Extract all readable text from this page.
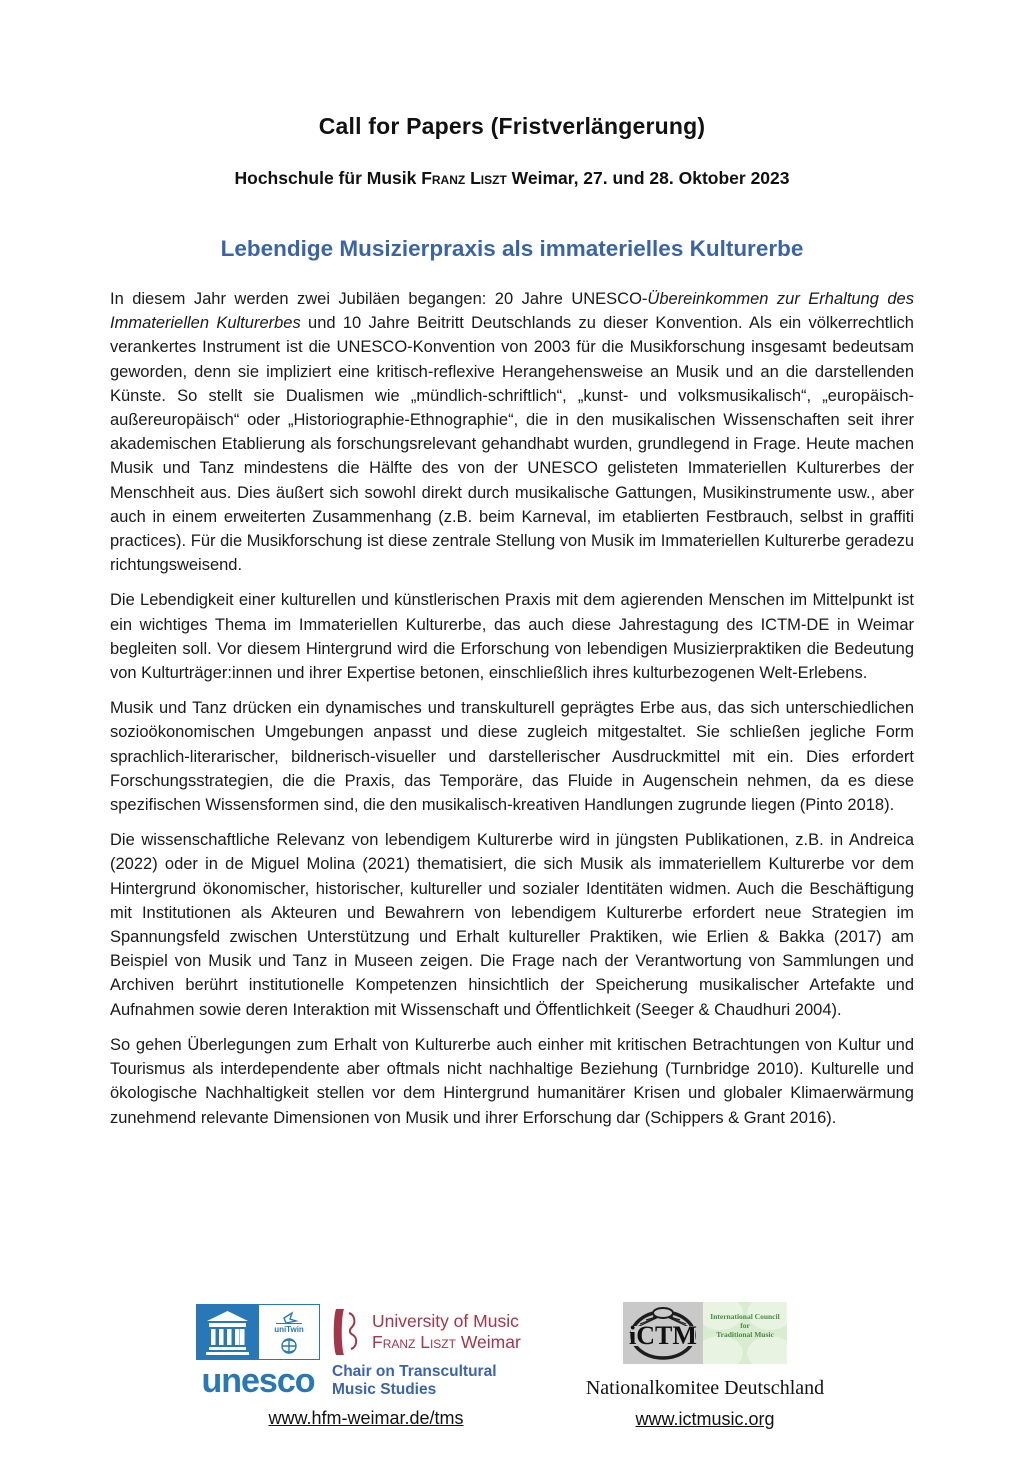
Call for Papers (Fristverlängerung)

Hochschule für Musik Franz Liszt Weimar, 27. und 28. Oktober 2023

Lebendige Musizierpraxis als immaterielles Kulturerbe

In diesem Jahr werden zwei Jubiläen begangen: 20 Jahre UNESCO-Übereinkommen zur Erhaltung des Immateriellen Kulturerbes und 10 Jahre Beitritt Deutschlands zu dieser Konvention. Als ein völkerrechtlich verankertes Instrument ist die UNESCO-Konvention von 2003 für die Musikforschung insgesamt bedeutsam geworden, denn sie impliziert eine kritisch-reflexive Herangehensweise an Musik und an die darstellenden Künste. So stellt sie Dualismen wie „mündlich-schriftlich“, „kunst- und volksmusikalisch“, „europäisch-außereuropäisch“ oder „Historiographie-Ethnographie“, die in den musikalischen Wissenschaften seit ihrer akademischen Etablierung als forschungsrelevant gehandhabt wurden, grundlegend in Frage. Heute machen Musik und Tanz mindestens die Hälfte des von der UNESCO gelisteten Immateriellen Kulturerbes der Menschheit aus. Dies äußert sich sowohl direkt durch musikalische Gattungen, Musikinstrumente usw., aber auch in einem erweiterten Zusammenhang (z.B. beim Karneval, im etablierten Festbrauch, selbst in graffiti practices). Für die Musikforschung ist diese zentrale Stellung von Musik im Immateriellen Kulturerbe geradezu richtungsweisend.

Die Lebendigkeit einer kulturellen und künstlerischen Praxis mit dem agierenden Menschen im Mittelpunkt ist ein wichtiges Thema im Immateriellen Kulturerbe, das auch diese Jahrestagung des ICTM-DE in Weimar begleiten soll. Vor diesem Hintergrund wird die Erforschung von lebendigen Musizierpraktiken die Bedeutung von Kulturträger:innen und ihrer Expertise betonen, einschließlich ihres kulturbezogenen Welt-Erlebens.

Musik und Tanz drücken ein dynamisches und transkulturell geprägtes Erbe aus, das sich unterschiedlichen sozioökonomischen Umgebungen anpasst und diese zugleich mitgestaltet. Sie schließen jegliche Form sprachlich-literarischer, bildnerisch-visueller und darstellerischer Ausdruckmittel mit ein. Dies erfordert Forschungsstrategien, die die Praxis, das Temporäre, das Fluide in Augenschein nehmen, da es diese spezifischen Wissensformen sind, die den musikalisch-kreativen Handlungen zugrunde liegen (Pinto 2018).

Die wissenschaftliche Relevanz von lebendigem Kulturerbe wird in jüngsten Publikationen, z.B. in Andreica (2022) oder in de Miguel Molina (2021) thematisiert, die sich Musik als immateriellem Kulturerbe vor dem Hintergrund ökonomischer, historischer, kultureller und sozialer Identitäten widmen. Auch die Beschäftigung mit Institutionen als Akteuren und Bewahrern von lebendigem Kulturerbe erfordert neue Strategien im Spannungsfeld zwischen Unterstützung und Erhalt kultureller Praktiken, wie Erlien & Bakka (2017) am Beispiel von Musik und Tanz in Museen zeigen. Die Frage nach der Verantwortung von Sammlungen und Archiven berührt institutionelle Kompetenzen hinsichtlich der Speicherung musikalischer Artefakte und Aufnahmen sowie deren Interaktion mit Wissenschaft und Öffentlichkeit (Seeger & Chaudhuri 2004).

So gehen Überlegungen zum Erhalt von Kulturerbe auch einher mit kritischen Betrachtungen von Kultur und Tourismus als interdependente aber oftmals nicht nachhaltige Beziehung (Turnbridge 2010). Kulturelle und ökologische Nachhaltigkeit stellen vor dem Hintergrund humanitärer Krisen und globaler Klimaerwärmung zunehmend relevante Dimensionen von Musik und ihrer Erforschung dar (Schippers & Grant 2016).

uniTwin	University of Music
Franz Liszt Weimar
unesco	Chair on Transcultural
Music Studies
www.hfm-weimar.de/tms
iCTM
International Council
for
Traditional Music
Nationalkomitee Deutschland
www.ictmusic.org
